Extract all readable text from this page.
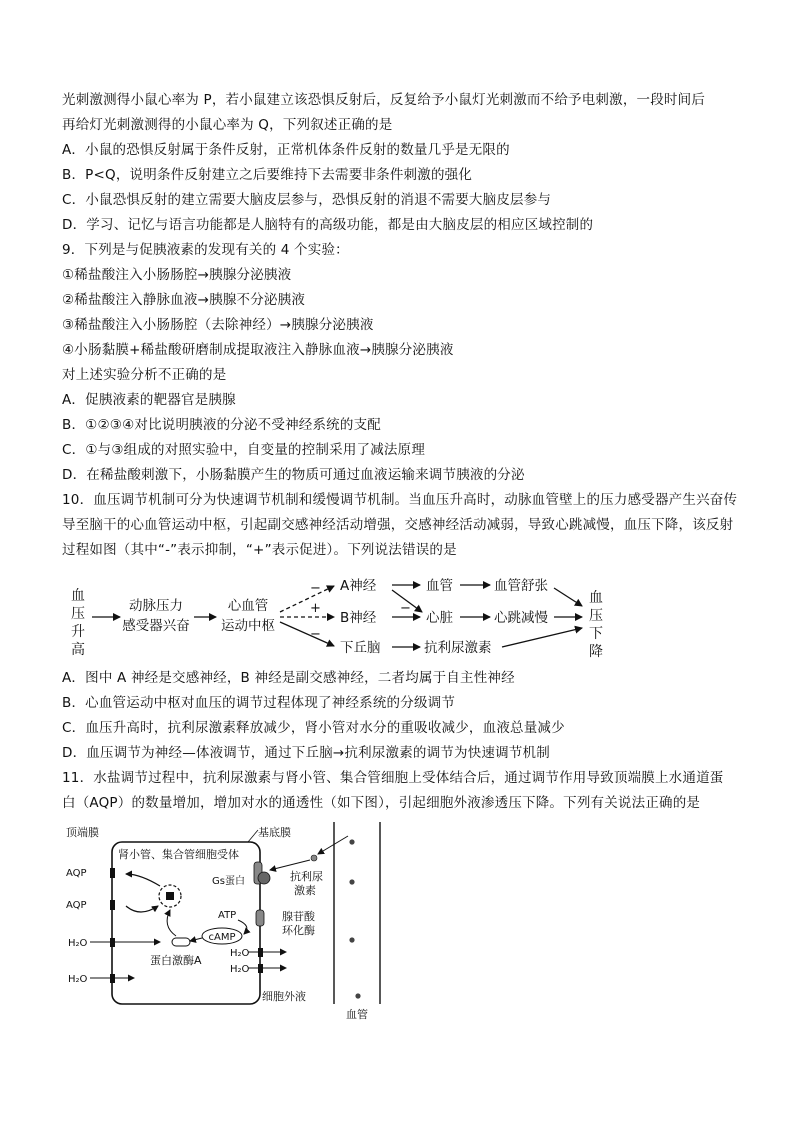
光刺激测得小鼠心率为 P，若小鼠建立该恐惧反射后，反复给予小鼠灯光刺激而不给予电刺激，一段时间后
再给灯光刺激测得的小鼠心率为 Q，下列叙述正确的是
A．小鼠的恐惧反射属于条件反射，正常机体条件反射的数量几乎是无限的
B．P<Q，说明条件反射建立之后要维持下去需要非条件刺激的强化
C．小鼠恐惧反射的建立需要大脑皮层参与，恐惧反射的消退不需要大脑皮层参与
D．学习、记忆与语言功能都是人脑特有的高级功能，都是由大脑皮层的相应区域控制的
9．下列是与促胰液素的发现有关的 4 个实验：
①稀盐酸注入小肠肠腔→胰腺分泌胰液
②稀盐酸注入静脉血液→胰腺不分泌胰液
③稀盐酸注入小肠肠腔（去除神经）→胰腺分泌胰液
④小肠黏膜+稀盐酸研磨制成提取液注入静脉血液→胰腺分泌胰液
对上述实验分析不正确的是
A．促胰液素的靶器官是胰腺
B．①②③④对比说明胰液的分泌不受神经系统的支配
C．①与③组成的对照实验中，自变量的控制采用了减法原理
D．在稀盐酸刺激下，小肠黏膜产生的物质可通过血液运输来调节胰液的分泌
10．血压调节机制可分为快速调节机制和缓慢调节机制。当血压升高时，动脉血管壁上的压力感受器产生兴奋传导至脑干的心血管运动中枢，引起副交感神经活动增强，交感神经活动减弱，导致心跳减慢，血压下降，该反射过程如图（其中“-”表示抑制，“+”表示促进）。下列说法错误的是
血
压
升
高
动脉压力
感受器兴奋
心血管
运动中枢
−
+
−
A神经
B神经
下丘脑
−
血管
心脏
抗利尿激素
血管舒张
心跳减慢
血
压
下
降
A．图中 A 神经是交感神经，B 神经是副交感神经，二者均属于自主性神经
B．心血管运动中枢对血压的调节过程体现了神经系统的分级调节
C．血压升高时，抗利尿激素释放减少，肾小管对水分的重吸收减少，血液总量减少
D．血压调节为神经—体液调节，通过下丘脑→抗利尿激素的调节为快速调节机制
11．水盐调节过程中，抗利尿激素与肾小管、集合管细胞上受体结合后，通过调节作用导致顶端膜上水通道蛋
白（AQP）的数量增加，增加对水的通透性（如下图），引起细胞外液渗透压下降。下列有关说法正确的是
顶端膜	基底膜
肾小管、集合管细胞受体
AQP
AQP
Gs蛋白	抗利尿
激素
腺苷酸
环化酶
ATP
cAMP
蛋白激酶A
H₂O
H₂O
H₂O
H₂O
细胞外液
血管
